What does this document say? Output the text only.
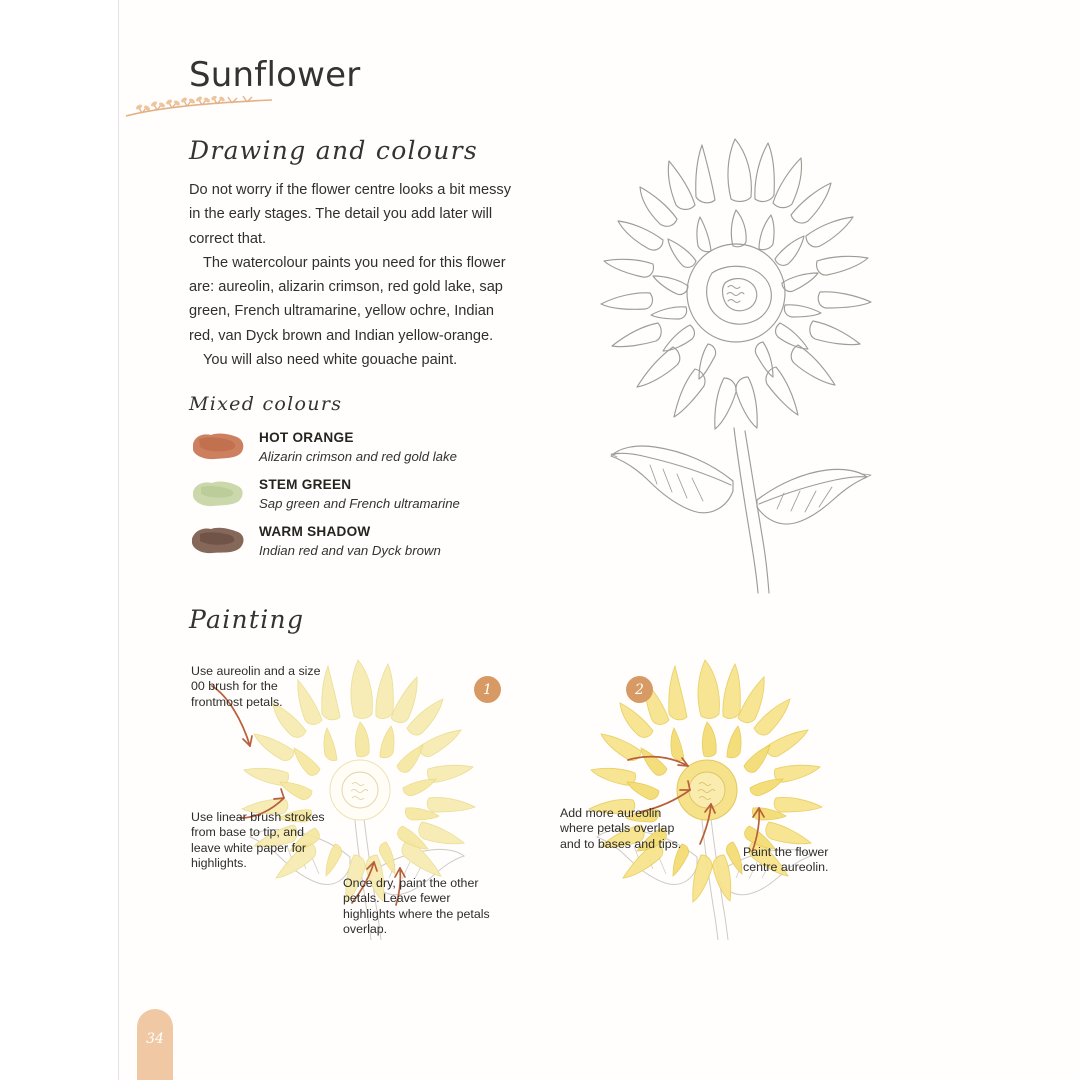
Sunflower
Drawing and colours

Do not worry if the flower centre looks a bit messy in the early stages. The detail you add later will correct that.

The watercolour paints you need for this flower are: aureolin, alizarin crimson, red gold lake, sap green, French ultramarine, yellow ochre, Indian red, van Dyck brown and Indian yellow-orange.

You will also need white gouache paint.

Mixed colours
HOT ORANGE
Alizarin crimson and red gold lake
STEM GREEN
Sap green and French ultramarine
WARM SHADOW
Indian red and van Dyck brown
Painting
1	2
Use aureolin and a size 00 brush for the frontmost petals.
Use linear brush strokes from base to tip, and leave white paper for highlights.
Once dry, paint the other petals. Leave fewer highlights where the petals overlap.
Add more aureolin where petals overlap and to bases and tips.
Paint the flower centre aureolin.
34
